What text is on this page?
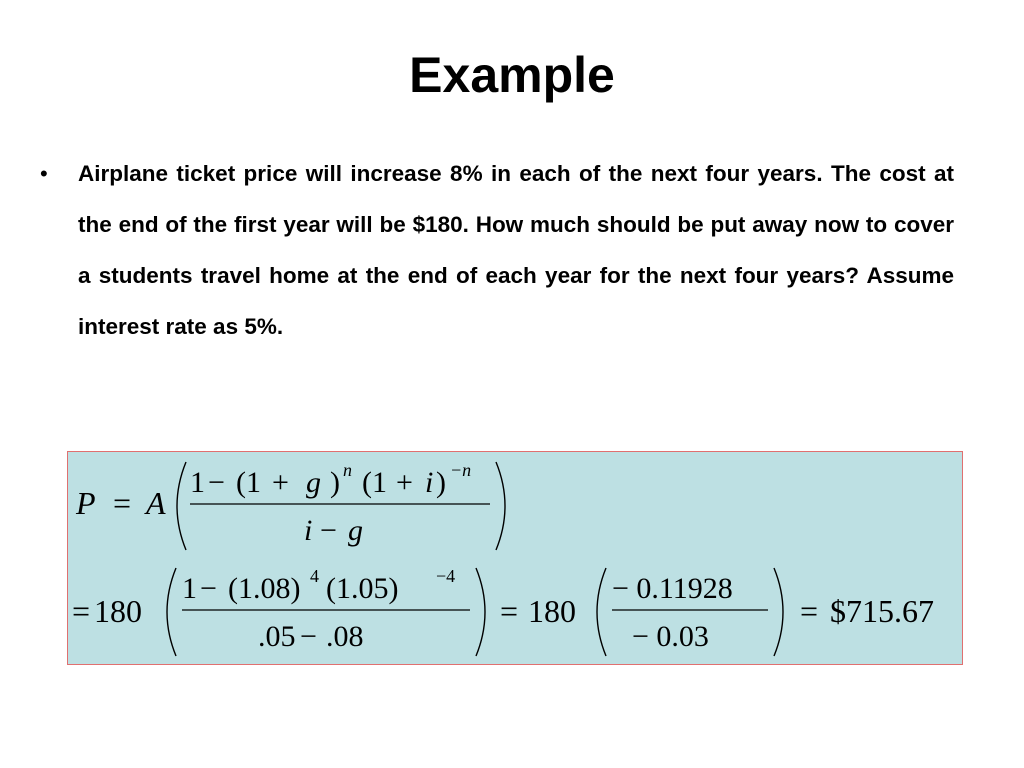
Example
• Airplane ticket price will increase 8% in each of the next four years. The cost at the end of the first year will be $180. How much should be put away now to cover a students travel home at the end of each year for the next four years? Assume interest rate as 5%.
P = A
1 − (1 + g ) n (1 + i ) −n
i − g
= 180
1 − (1.08) 4 (1.05) −4
.05 − .08
= 180
− 0.11928
− 0.03
= $715.67
